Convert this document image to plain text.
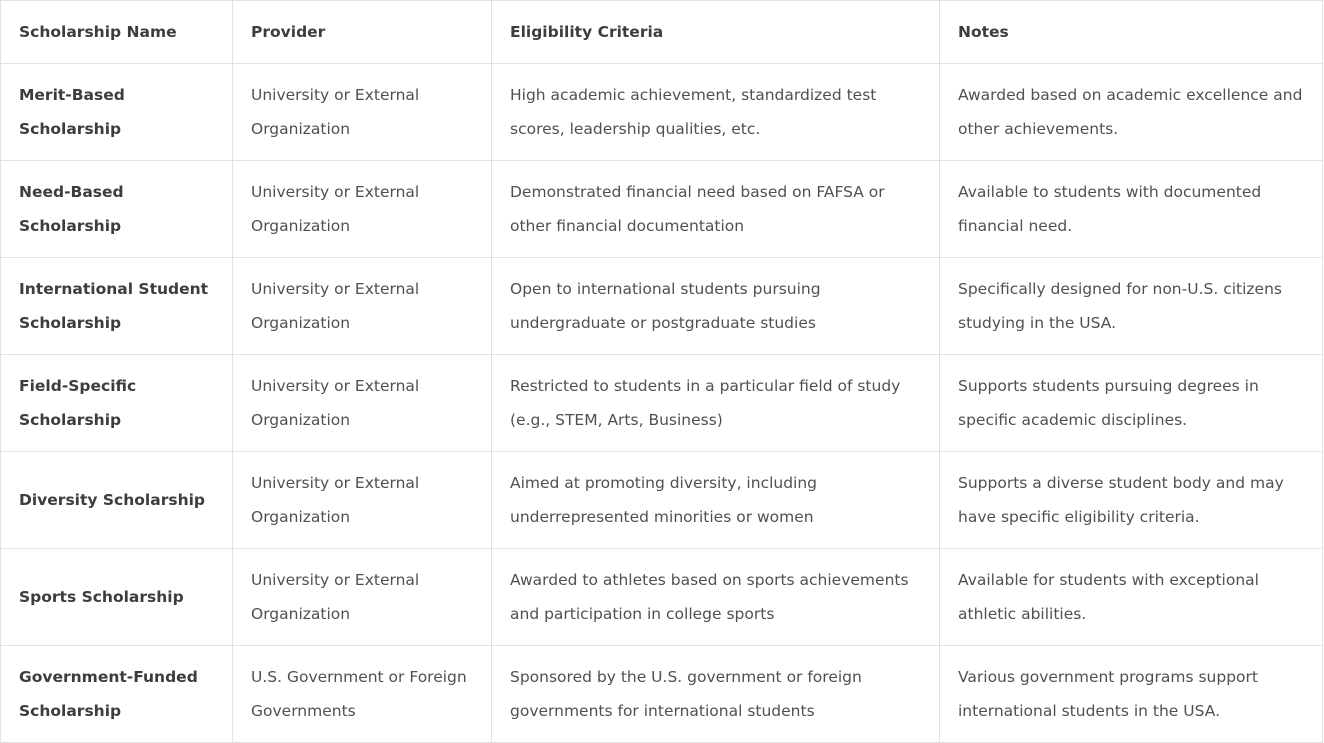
Scholarship Name	Provider	Eligibility Criteria	Notes
Merit-Based Scholarship	University or External Organization	High academic achievement, standardized test scores, leadership qualities, etc.	Awarded based on academic excellence and other achievements.
Need-Based Scholarship	University or External Organization	Demonstrated financial need based on FAFSA or other financial documentation	Available to students with documented financial need.
International Student Scholarship	University or External Organization	Open to international students pursuing undergraduate or postgraduate studies	Specifically designed for non-U.S. citizens studying in the USA.
Field-Specific Scholarship	University or External Organization	Restricted to students in a particular field of study (e.g., STEM, Arts, Business)	Supports students pursuing degrees in specific academic disciplines.
Diversity Scholarship	University or External Organization	Aimed at promoting diversity, including underrepresented minorities or women	Supports a diverse student body and may have specific eligibility criteria.
Sports Scholarship	University or External Organization	Awarded to athletes based on sports achievements and participation in college sports	Available for students with exceptional athletic abilities.
Government-Funded Scholarship	U.S. Government or Foreign Governments	Sponsored by the U.S. government or foreign governments for international students	Various government programs support international students in the USA.
